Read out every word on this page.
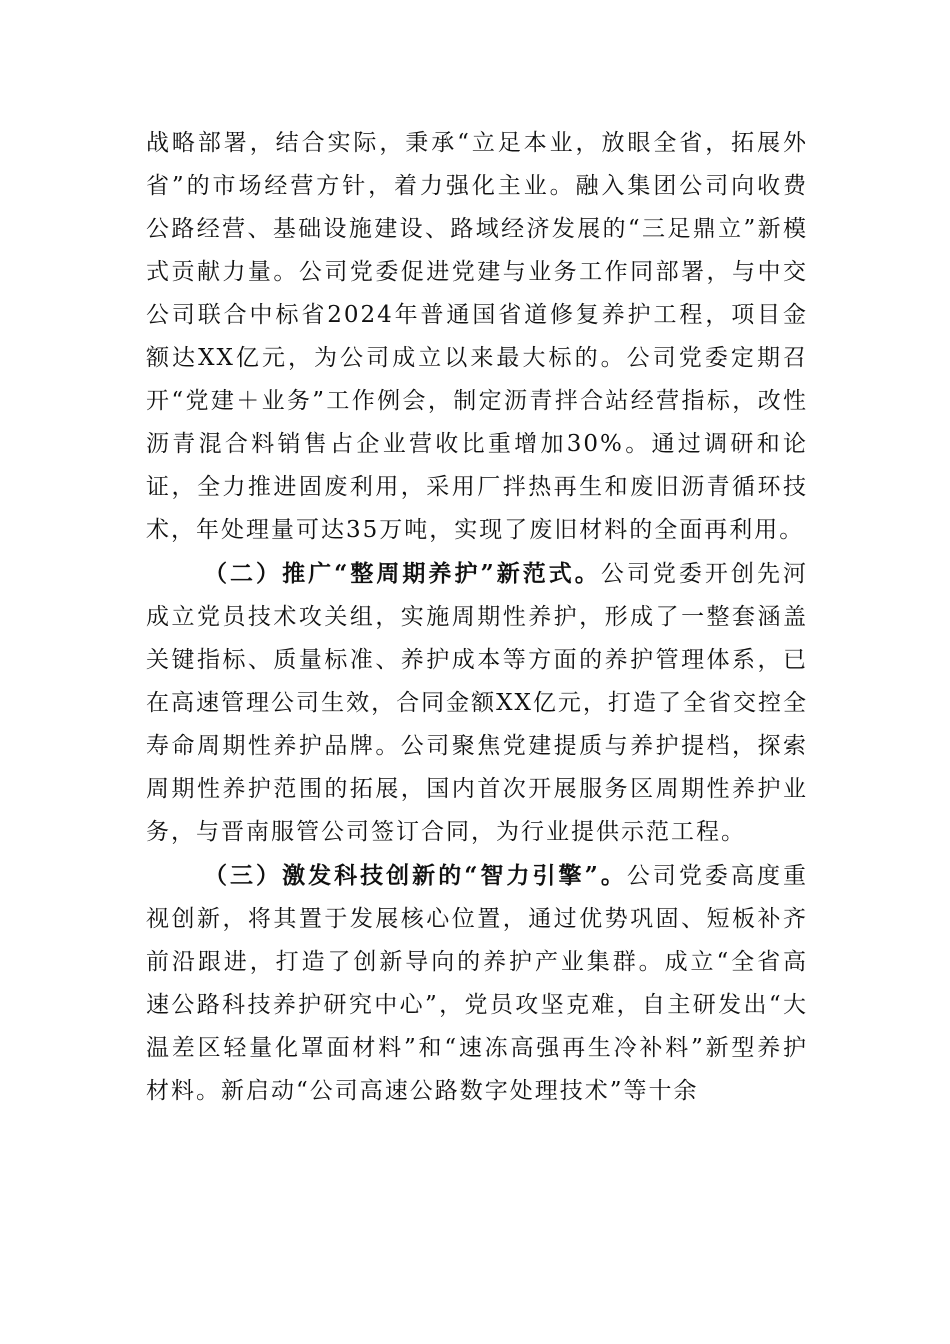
战略部署，结合实际，秉承“立足本业，放眼全省，拓展外省”的市场经营方针，着力强化主业。融入集团公司向收费公路经营、基础设施建设、路域经济发展的“三足鼎立”新模式贡献力量。公司党委促进党建与业务工作同部署，与中交公司联合中标省2024年普通国省道修复养护工程，项目金额达XX亿元，为公司成立以来最大标的。公司党委定期召开“党建＋业务”工作例会，制定沥青拌合站经营指标，改性沥青混合料销售占企业营收比重增加30%。通过调研和论证，全力推进固废利用，采用厂拌热再生和废旧沥青循环技术，年处理量可达35万吨，实现了废旧材料的全面再利用。

（二）推广“整周期养护”新范式。公司党委开创先河成立党员技术攻关组，实施周期性养护，形成了一整套涵盖关键指标、质量标准、养护成本等方面的养护管理体系，已在高速管理公司生效，合同金额XX亿元，打造了全省交控全寿命周期性养护品牌。公司聚焦党建提质与养护提档，探索周期性养护范围的拓展，国内首次开展服务区周期性养护业务，与晋南服管公司签订合同，为行业提供示范工程。

（三）激发科技创新的“智力引擎”。公司党委高度重视创新，将其置于发展核心位置，通过优势巩固、短板补齐前沿跟进，打造了创新导向的养护产业集群。成立“全省高速公路科技养护研究中心”，党员攻坚克难，自主研发出“大温差区轻量化罩面材料”和“速冻高强再生冷补料”新型养护材料。新启动“公司高速公路数字处理技术”等十余
